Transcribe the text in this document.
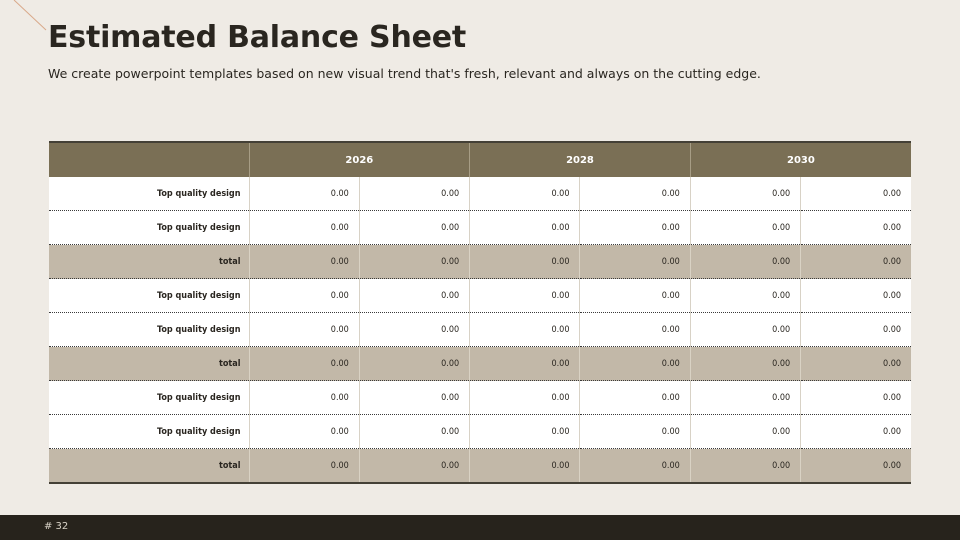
Estimated Balance Sheet

We create powerpoint templates based on new visual trend that's fresh, relevant and always on the cutting edge.

	2026		2028		2030	
Top quality design	0.00	0.00	0.00	0.00	0.00	0.00
Top quality design	0.00	0.00	0.00	0.00	0.00	0.00
total	0.00	0.00	0.00	0.00	0.00	0.00
Top quality design	0.00	0.00	0.00	0.00	0.00	0.00
Top quality design	0.00	0.00	0.00	0.00	0.00	0.00
total	0.00	0.00	0.00	0.00	0.00	0.00
Top quality design	0.00	0.00	0.00	0.00	0.00	0.00
Top quality design	0.00	0.00	0.00	0.00	0.00	0.00
total	0.00	0.00	0.00	0.00	0.00	0.00
# 32
